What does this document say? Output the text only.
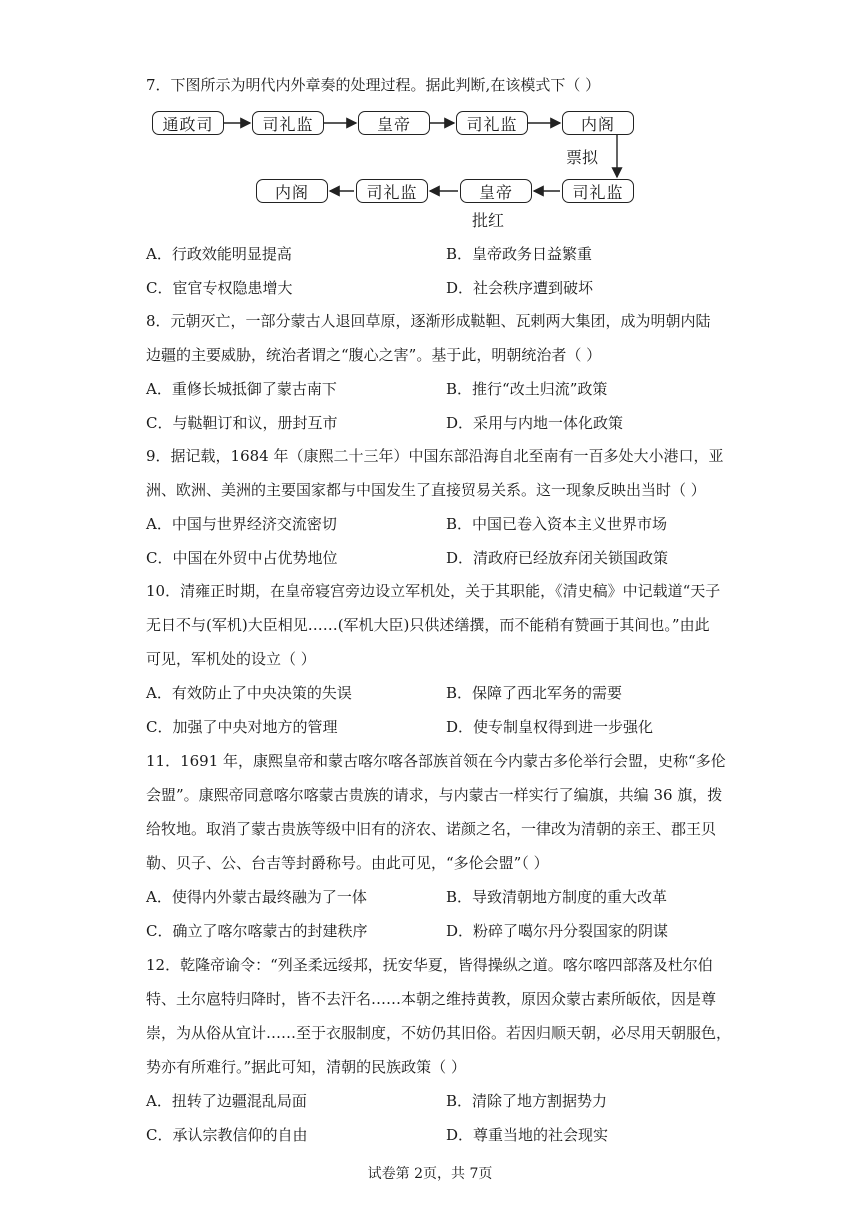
7．下图所示为明代内外章奏的处理过程。据此判断,在该模式下（ ）
通政司	司礼监	皇帝	司礼监	内阁
内阁	司礼监	皇帝	司礼监
票拟
批红
A．行政效能明显提高	B．皇帝政务日益繁重
C．宦官专权隐患增大	D．社会秩序遭到破坏
8．元朝灭亡，一部分蒙古人退回草原，逐渐形成鞑靼、瓦剌两大集团，成为明朝内陆
边疆的主要威胁，统治者谓之“腹心之害”。基于此，明朝统治者（ ）
A．重修长城抵御了蒙古南下	B．推行“改土归流”政策
C．与鞑靼订和议，册封互市	D．采用与内地一体化政策
9．据记载，1684 年（康熙二十三年）中国东部沿海自北至南有一百多处大小港口，亚
洲、欧洲、美洲的主要国家都与中国发生了直接贸易关系。这一现象反映出当时（ ）
A．中国与世界经济交流密切	B．中国已卷入资本主义世界市场
C．中国在外贸中占优势地位	D．清政府已经放弃闭关锁国政策
10．清雍正时期，在皇帝寝宫旁边设立军机处，关于其职能，《清史稿》中记载道“天子
无日不与(军机)大臣相见……(军机大臣)只供述缮撰，而不能稍有赞画于其间也。”由此
可见，军机处的设立（ ）
A．有效防止了中央决策的失误	B．保障了西北军务的需要
C．加强了中央对地方的管理	D．使专制皇权得到进一步强化
11．1691 年，康熙皇帝和蒙古喀尔喀各部族首领在今内蒙古多伦举行会盟，史称“多伦
会盟”。康熙帝同意喀尔喀蒙古贵族的请求，与内蒙古一样实行了编旗，共编 36 旗，拨
给牧地。取消了蒙古贵族等级中旧有的济农、诺颜之名，一律改为清朝的亲王、郡王贝
勒、贝子、公、台吉等封爵称号。由此可见，“多伦会盟”（ ）
A．使得内外蒙古最终融为了一体	B．导致清朝地方制度的重大改革
C．确立了喀尔喀蒙古的封建秩序	D．粉碎了噶尔丹分裂国家的阴谋
12．乾隆帝谕令：“列圣柔远绥邦，抚安华夏，皆得操纵之道。喀尔喀四部落及杜尔伯
特、土尔扈特归降时，皆不去汗名……本朝之维持黄教，原因众蒙古素所皈依，因是尊
崇，为从俗从宜计……至于衣服制度，不妨仍其旧俗。若因归顺天朝，必尽用天朝服色，
势亦有所难行。”据此可知，清朝的民族政策（ ）
A．扭转了边疆混乱局面	B．清除了地方割据势力
C．承认宗教信仰的自由	D．尊重当地的社会现实
试卷第 2页，共 7页
